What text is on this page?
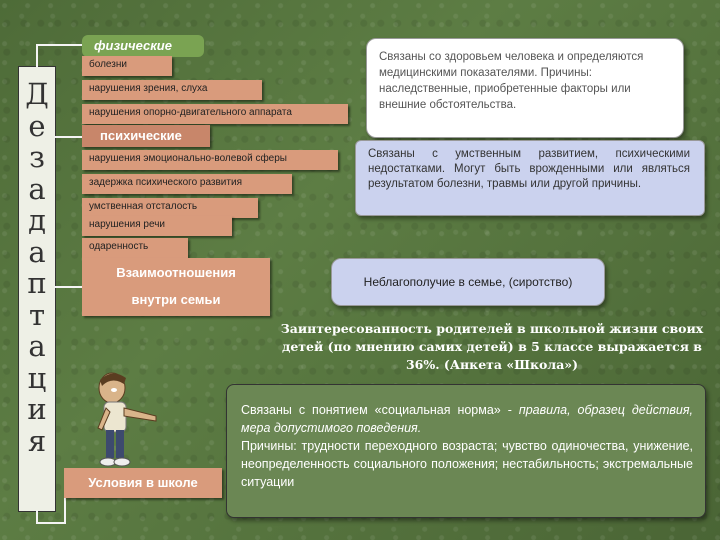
Д
е
з
а
д
а
п
т
а
ц
и
я
физические
болезни
нарушения зрения, слуха
нарушения опорно-двигательного аппарата
психические
нарушения эмоционально-волевой сферы
задержка психического развития
умственная отсталость
нарушения речи
одаренность
Взаимоотношения
внутри семьи
Условия в школе
Связаны со здоровьем человека и определяются медицинскими показателями. Причины: наследственные, приобретенные факторы или внешние обстоятельства.
Связаны с умственным развитием, психическими недостатками. Могут быть врожденными или являться результатом болезни, травмы или другой причины.
Неблагополучие в семье, (сиротство)
Заинтересованность родителей в школьной жизни своих детей (по мнению самих детей) в 5 классе выражается в 36%. (Анкета «Школа»)
Связаны с понятием «социальная норма» - правила, образец действия, мера допустимого поведения.
Причины: трудности переходного возраста; чувство одиночества, унижение, неопределенность социального положения; нестабильность; экстремальные ситуации
